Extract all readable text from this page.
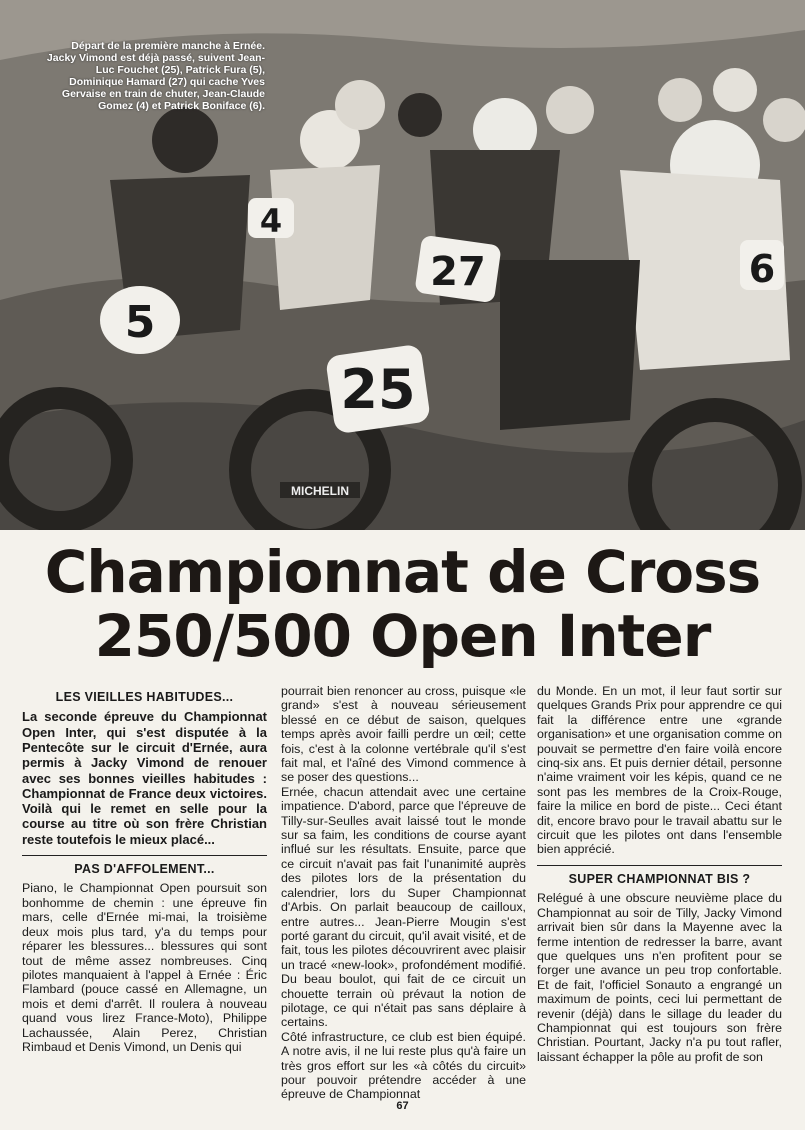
5
4
27
25
6
MICHELIN
Départ de la première manche à Ernée. Jacky Vimond est déjà passé, suivent Jean-Luc Fouchet (25), Patrick Fura (5), Dominique Hamard (27) qui cache Yves Gervaise en train de chuter, Jean-Claude Gomez (4) et Patrick Boniface (6).
Championnat de Cross
250/500 Open Inter
LES VIEILLES HABITUDES...

La seconde épreuve du Championnat Open Inter, qui s'est disputée à la Pentecôte sur le circuit d'Ernée, aura permis à Jacky Vimond de renouer avec ses bonnes vieilles habitudes : Championnat de France deux victoires. Voilà qui le remet en selle pour la course au titre où son frère Christian reste toutefois le mieux placé...

PAS D'AFFOLEMENT...

Piano, le Championnat Open poursuit son bonhomme de chemin : une épreuve fin mars, celle d'Ernée mi-mai, la troisième deux mois plus tard, y'a du temps pour réparer les blessures... blessures qui sont tout de même assez nombreuses. Cinq pilotes manquaient à l'appel à Ernée : Éric Flambard (pouce cassé en Allemagne, un mois et demi d'arrêt. Il roulera à nouveau quand vous lirez France-Moto), Philippe Lachaussée, Alain Perez, Christian Rimbaud et Denis Vimond, un Denis qui

pourrait bien renoncer au cross, puisque «le grand» s'est à nouveau sérieusement blessé en ce début de saison, quelques temps après avoir failli perdre un œil; cette fois, c'est à la colonne vertébrale qu'il s'est fait mal, et l'aîné des Vimond commence à se poser des questions...

Ernée, chacun attendait avec une certaine impatience. D'abord, parce que l'épreuve de Tilly-sur-Seulles avait laissé tout le monde sur sa faim, les conditions de course ayant influé sur les résultats. Ensuite, parce que ce circuit n'avait pas fait l'unanimité auprès des pilotes lors de la présentation du calendrier, lors du Super Championnat d'Arbis. On parlait beaucoup de cailloux, entre autres... Jean-Pierre Mougin s'est porté garant du circuit, qu'il avait visité, et de fait, tous les pilotes découvrirent avec plaisir un tracé «new-look», profondément modifié. Du beau boulot, qui fait de ce circuit un chouette terrain où prévaut la notion de pilotage, ce qui n'était pas sans déplaire à certains.

Côté infrastructure, ce club est bien équipé. A notre avis, il ne lui reste plus qu'à faire un très gros effort sur les «à côtés du circuit» pour pouvoir prétendre accéder à une épreuve de Championnat

du Monde. En un mot, il leur faut sortir sur quelques Grands Prix pour apprendre ce qui fait la différence entre une «grande organisation» et une organisation comme on pouvait se permettre d'en faire voilà encore cinq-six ans. Et puis dernier détail, personne n'aime vraiment voir les képis, quand ce ne sont pas les membres de la Croix-Rouge, faire la milice en bord de piste... Ceci étant dit, encore bravo pour le travail abattu sur le circuit que les pilotes ont dans l'ensemble bien apprécié.

SUPER CHAMPIONNAT BIS ?

Relégué à une obscure neuvième place du Championnat au soir de Tilly, Jacky Vimond arrivait bien sûr dans la Mayenne avec la ferme intention de redresser la barre, avant que quelques uns n'en profitent pour se forger une avance un peu trop confortable. Et de fait, l'officiel Sonauto a engrangé un maximum de points, ceci lui permettant de revenir (déjà) dans le sillage du leader du Championnat qui est toujours son frère Christian. Pourtant, Jacky n'a pu tout rafler, laissant échapper la pôle au profit de son

67
